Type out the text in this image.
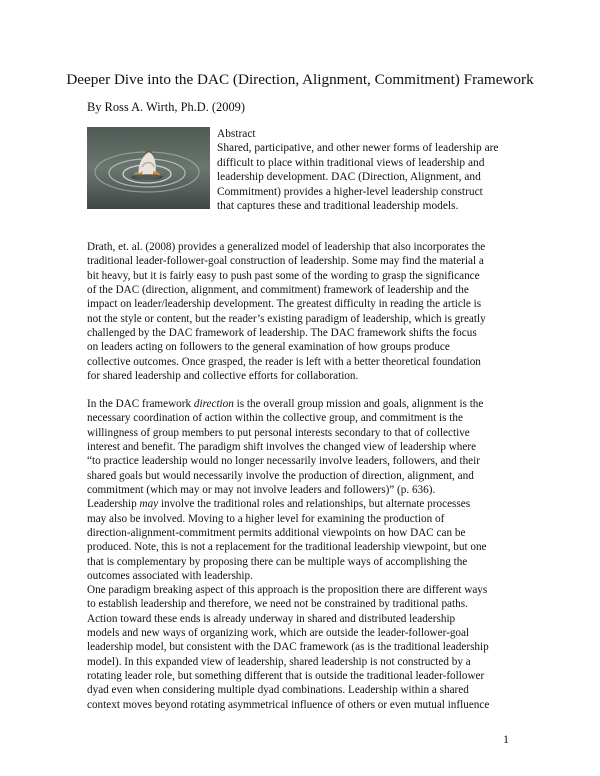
Deeper Dive into the DAC (Direction, Alignment, Commitment) Framework
By Ross A. Wirth, Ph.D. (2009)
Abstract
Shared, participative, and other newer forms of leadership are
difficult to place within traditional views of leadership and
leadership development. DAC (Direction, Alignment, and
Commitment) provides a higher-level leadership construct
that captures these and traditional leadership models.
Drath, et. al. (2008) provides a generalized model of leadership that also incorporates the
traditional leader-follower-goal construction of leadership. Some may find the material a
bit heavy, but it is fairly easy to push past some of the wording to grasp the significance
of the DAC (direction, alignment, and commitment) framework of leadership and the
impact on leader/leadership development. The greatest difficulty in reading the article is
not the style or content, but the reader’s existing paradigm of leadership, which is greatly
challenged by the DAC framework of leadership. The DAC framework shifts the focus
on leaders acting on followers to the general examination of how groups produce
collective outcomes. Once grasped, the reader is left with a better theoretical foundation
for shared leadership and collective efforts for collaboration.
In the DAC framework direction is the overall group mission and goals, alignment is the
necessary coordination of action within the collective group, and commitment is the
willingness of group members to put personal interests secondary to that of collective
interest and benefit. The paradigm shift involves the changed view of leadership where
“to practice leadership would no longer necessarily involve leaders, followers, and their
shared goals but would necessarily involve the production of direction, alignment, and
commitment (which may or may not involve leaders and followers)” (p. 636).
Leadership may involve the traditional roles and relationships, but alternate processes
may also be involved. Moving to a higher level for examining the production of
direction-alignment-commitment permits additional viewpoints on how DAC can be
produced. Note, this is not a replacement for the traditional leadership viewpoint, but one
that is complementary by proposing there can be multiple ways of accomplishing the
outcomes associated with leadership.
One paradigm breaking aspect of this approach is the proposition there are different ways
to establish leadership and therefore, we need not be constrained by traditional paths.
Action toward these ends is already underway in shared and distributed leadership
models and new ways of organizing work, which are outside the leader-follower-goal
leadership model, but consistent with the DAC framework (as is the traditional leadership
model). In this expanded view of leadership, shared leadership is not constructed by a
rotating leader role, but something different that is outside the traditional leader-follower
dyad even when considering multiple dyad combinations. Leadership within a shared
context moves beyond rotating asymmetrical influence of others or even mutual influence
1
